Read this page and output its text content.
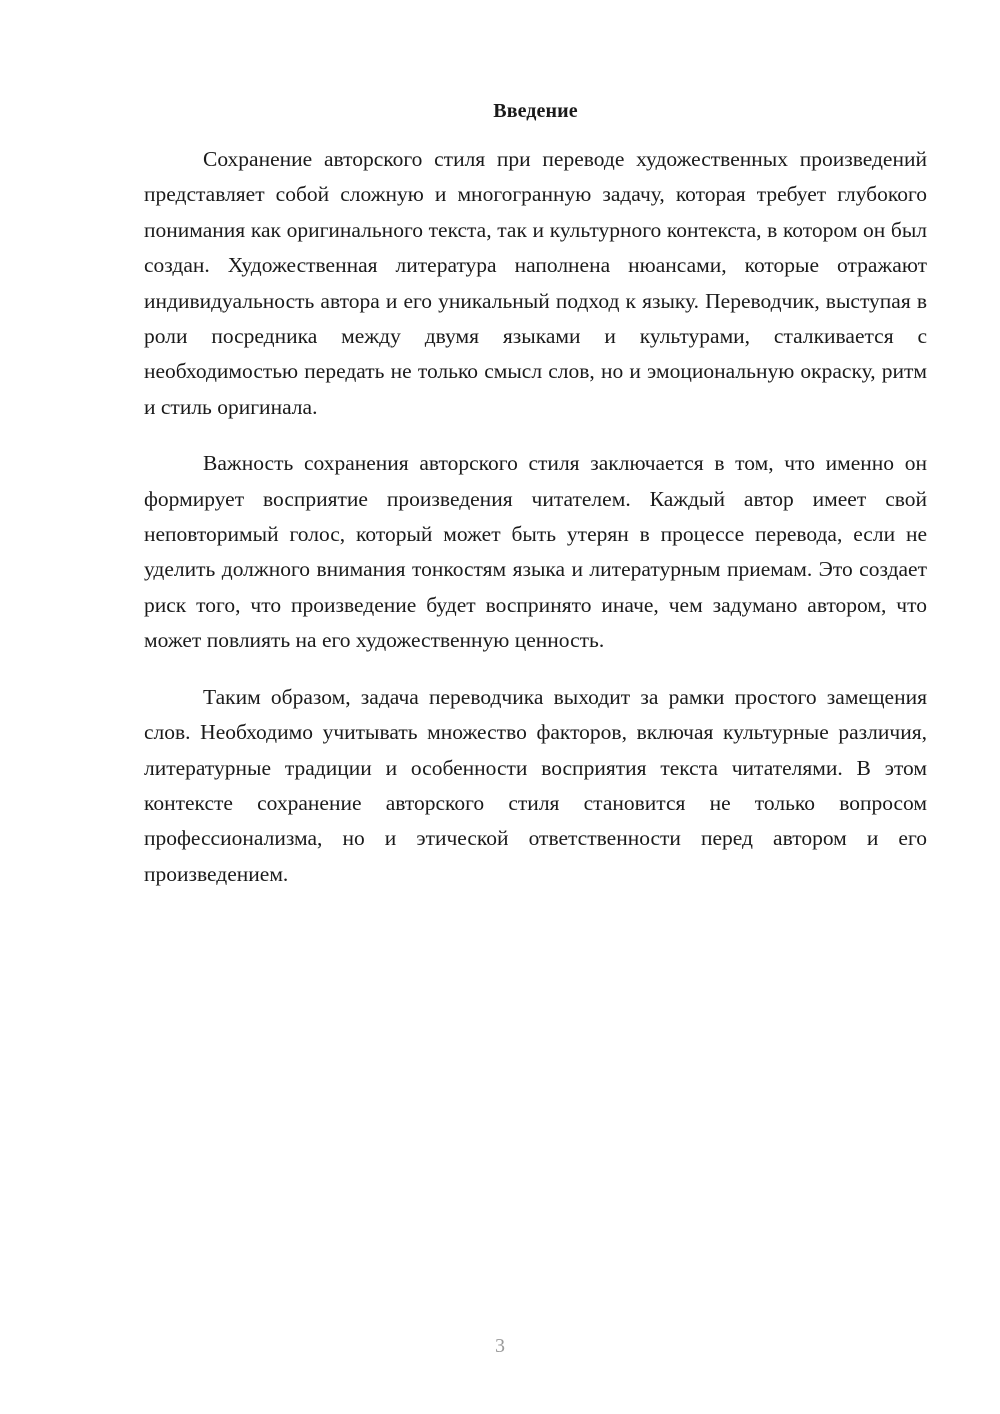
Введение

Сохранение авторского стиля при переводе художественных произведений представляет собой сложную и многогранную задачу, которая требует глубокого понимания как оригинального текста, так и культурного контекста, в котором он был создан. Художественная литература наполнена нюансами, которые отражают индивидуальность автора и его уникальный подход к языку. Переводчик, выступая в роли посредника между двумя языками и культурами, сталкивается с необходимостью передать не только смысл слов, но и эмоциональную окраску, ритм и стиль оригинала.

Важность сохранения авторского стиля заключается в том, что именно он формирует восприятие произведения читателем. Каждый автор имеет свой неповторимый голос, который может быть утерян в процессе перевода, если не уделить должного внимания тонкостям языка и литературным приемам. Это создает риск того, что произведение будет воспринято иначе, чем задумано автором, что может повлиять на его художественную ценность.

Таким образом, задача переводчика выходит за рамки простого замещения слов. Необходимо учитывать множество факторов, включая культурные различия, литературные традиции и особенности восприятия текста читателями. В этом контексте сохранение авторского стиля становится не только вопросом профессионализма, но и этической ответственности перед автором и его произведением.

3
